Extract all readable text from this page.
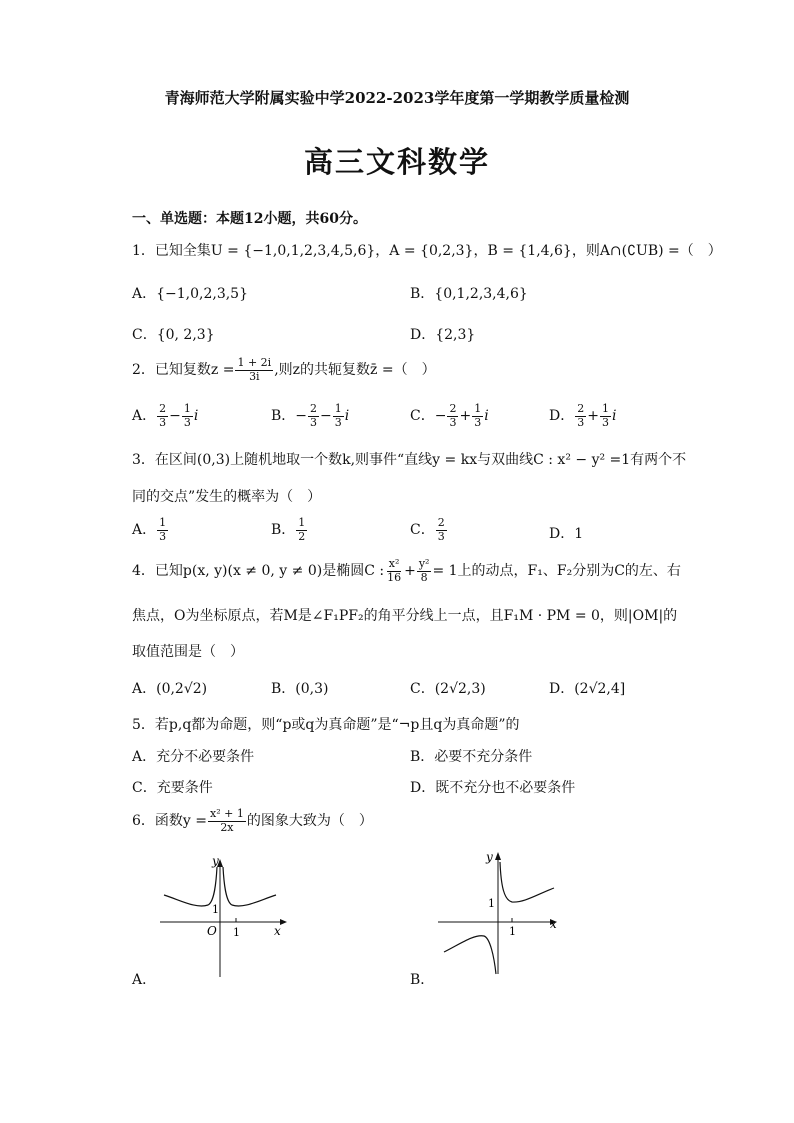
青海师范大学附属实验中学2022-2023学年度第一学期教学质量检测
高三文科数学
一、单选题：本题12小题，共60分。
1．已知全集U = {−1,0,1,2,3,4,5,6}，A = {0,2,3}，B = {1,4,6}，则A∩(∁UB) =（　）
A．{−1,0,2,3,5}	B．{0,1,2,3,4,6}
C．{0, 2,3}	D．{2,3}
2．已知复数$z = \frac{1 + 2i}{3i}$ ,则z的共轭复数z̄ =（　）
A． $\frac{2}{3} - \frac{1}{3}$ i	B．− $\frac{2}{3} - \frac{1}{3}$ i	C．− $\frac{2}{3} + \frac{1}{3}$ i	D． $\frac{2}{3} + \frac{1}{3}$ i
3．在区间(0,3)上随机地取一个数k,则事件“直线y = kx与双曲线C : x² − y² =1有两个不
同的交点”发生的概率为（　）
A． $\frac{1}{3}$	B． $\frac{1}{2}$	C． $\frac{2}{3}$	D．1
4．已知p(x, y)(x ≠ 0, y ≠ 0)是椭圆C : $\frac{\text{x²}}{16} + \frac{\text{y²}}{8} = 1$上的动点，F₁、F₂分别为C的左、右
焦点，O为坐标原点，若M是∠F₁PF₂的角平分线上一点，且F₁M · PM = 0，则|OM|的
取值范围是（　）
A．(0,2√2)	B．(0,3)	C．(2√2,3)	D．(2√2,4]
5．若p,q都为命题，则“p或q为真命题”是“¬p且q为真命题”的
A．充分不必要条件	B．必要不充分条件
C．充要条件	D．既不充分也不必要条件
6．函数$y = \frac{\text{x² + 1}}{2x}$ 的图象大致为（　）
y
x
O 1
1
A．
y
x
1
1
B．
